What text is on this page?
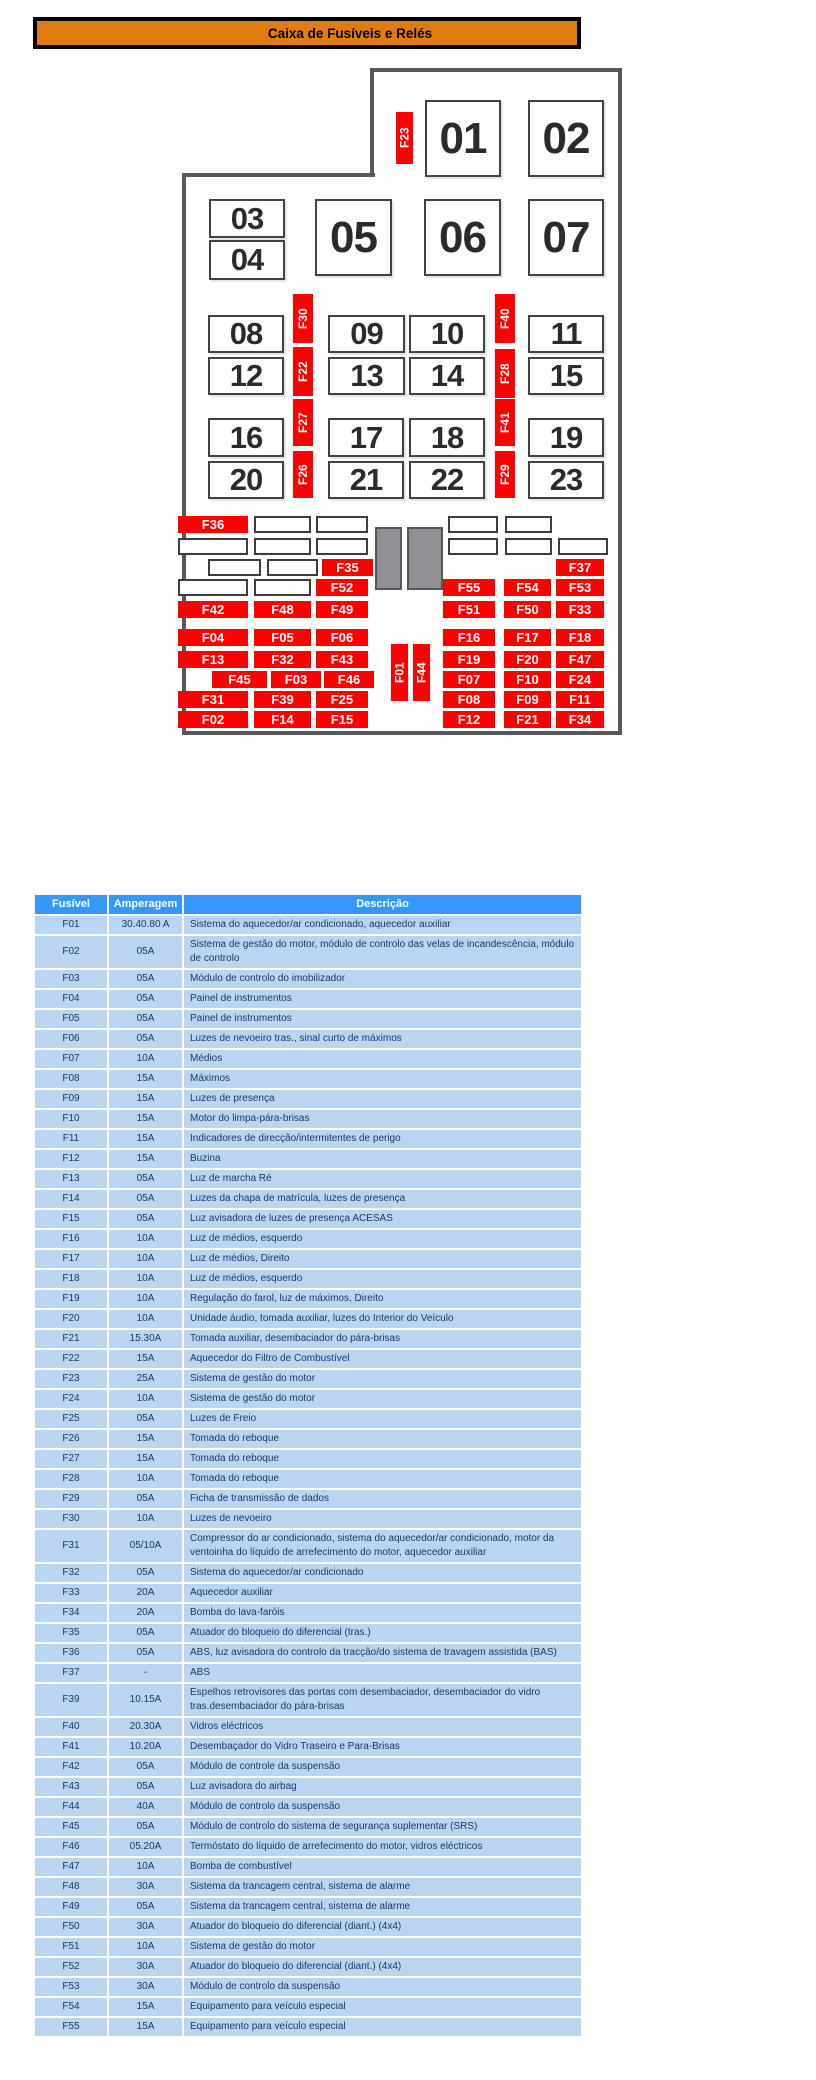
Caixa de Fusíveis e Relés
01	02
03
04	05	06	07
08	09	10	11
12	13	14	15
16	17	18	19
20	21	22	23
F23
F30
F22
F40
F28
F27
F26
F41
F29
F01 F44
F36
F35	F37
F52	F55	F54	F53
F42	F48	F49	F51	F50	F33
F04	F05	F06	F16	F17	F18
F13	F32	F43	F19	F20	F47
F45	F03	F46	F07	F10	F24
F31	F39	F25	F08	F09	F11
F02	F14	F15	F12	F21	F34
Fusível	Amperagem	Descrição
F01	30.40.80 A	Sistema do aquecedor/ar condicionado, aquecedor auxiliar
F02	05A	Sistema de gestão do motor, módulo de controlo das velas de incandescência, módulo de controlo
F03	05A	Módulo de controlo do imobilizador
F04	05A	Painel de instrumentos
F05	05A	Painel de instrumentos
F06	05A	Luzes de nevoeiro tras., sinal curto de máximos
F07	10A	Médios
F08	15A	Máximos
F09	15A	Luzes de presença
F10	15A	Motor do limpa-pára-brisas
F11	15A	Indicadores de direcção/intermitentes de perigo
F12	15A	Buzina
F13	05A	Luz de marcha Ré
F14	05A	Luzes da chapa de matrícula, luzes de presença
F15	05A	Luz avisadora de luzes de presença ACESAS
F16	10A	Luz de médios, esquerdo
F17	10A	Luz de médios, Direito
F18	10A	Luz de médios, esquerdo
F19	10A	Regulação do farol, luz de máximos, Direito
F20	10A	Unidade áudio, tomada auxiliar, luzes do Interior do Veículo
F21	15.30A	Tomada auxiliar, desembaciador do pára-brisas
F22	15A	Aquecedor do Filtro de Combustível
F23	25A	Sistema de gestão do motor
F24	10A	Sistema de gestão do motor
F25	05A	Luzes de Freio
F26	15A	Tomada do reboque
F27	15A	Tomada do reboque
F28	10A	Tomada do reboque
F29	05A	Ficha de transmissão de dados
F30	10A	Luzes de nevoeiro
F31	05/10A	Compressor do ar condicionado, sistema do aquecedor/ar condicionado, motor da ventoinha do líquido de arrefecimento do motor, aquecedor auxiliar
F32	05A	Sistema do aquecedor/ar condicionado
F33	20A	Aquecedor auxiliar
F34	20A	Bomba do lava-faróis
F35	05A	Atuador do bloqueio do diferencial (tras.)
F36	05A	ABS, luz avisadora do controlo da tracção/do sistema de travagem assistida (BAS)
F37	-	ABS
F39	10.15A	Espelhos retrovisores das portas com desembaciador, desembaciador do vidro tras.desembaciador do pára-brisas
F40	20.30A	Vidros eléctricos
F41	10.20A	Desembaçador do Vidro Traseiro e Para-Brisas
F42	05A	Módulo de controle da suspensão
F43	05A	Luz avisadora do airbag
F44	40A	Módulo de controlo da suspensão
F45	05A	Módulo de controlo do sistema de segurança suplementar (SRS)
F46	05.20A	Termóstato do líquido de arrefecimento do motor, vidros eléctricos
F47	10A	Bomba de combustível
F48	30A	Sistema da trancagem central, sistema de alarme
F49	05A	Sistema da trancagem central, sistema de alarme
F50	30A	Atuador do bloqueio do diferencial (diant.) (4x4)
F51	10A	Sistema de gestão do motor
F52	30A	Atuador do bloqueio do diferencial (diant.) (4x4)
F53	30A	Módulo de controlo da suspensão
F54	15A	Equipamento para veículo especial
F55	15A	Equipamento para veículo especial
